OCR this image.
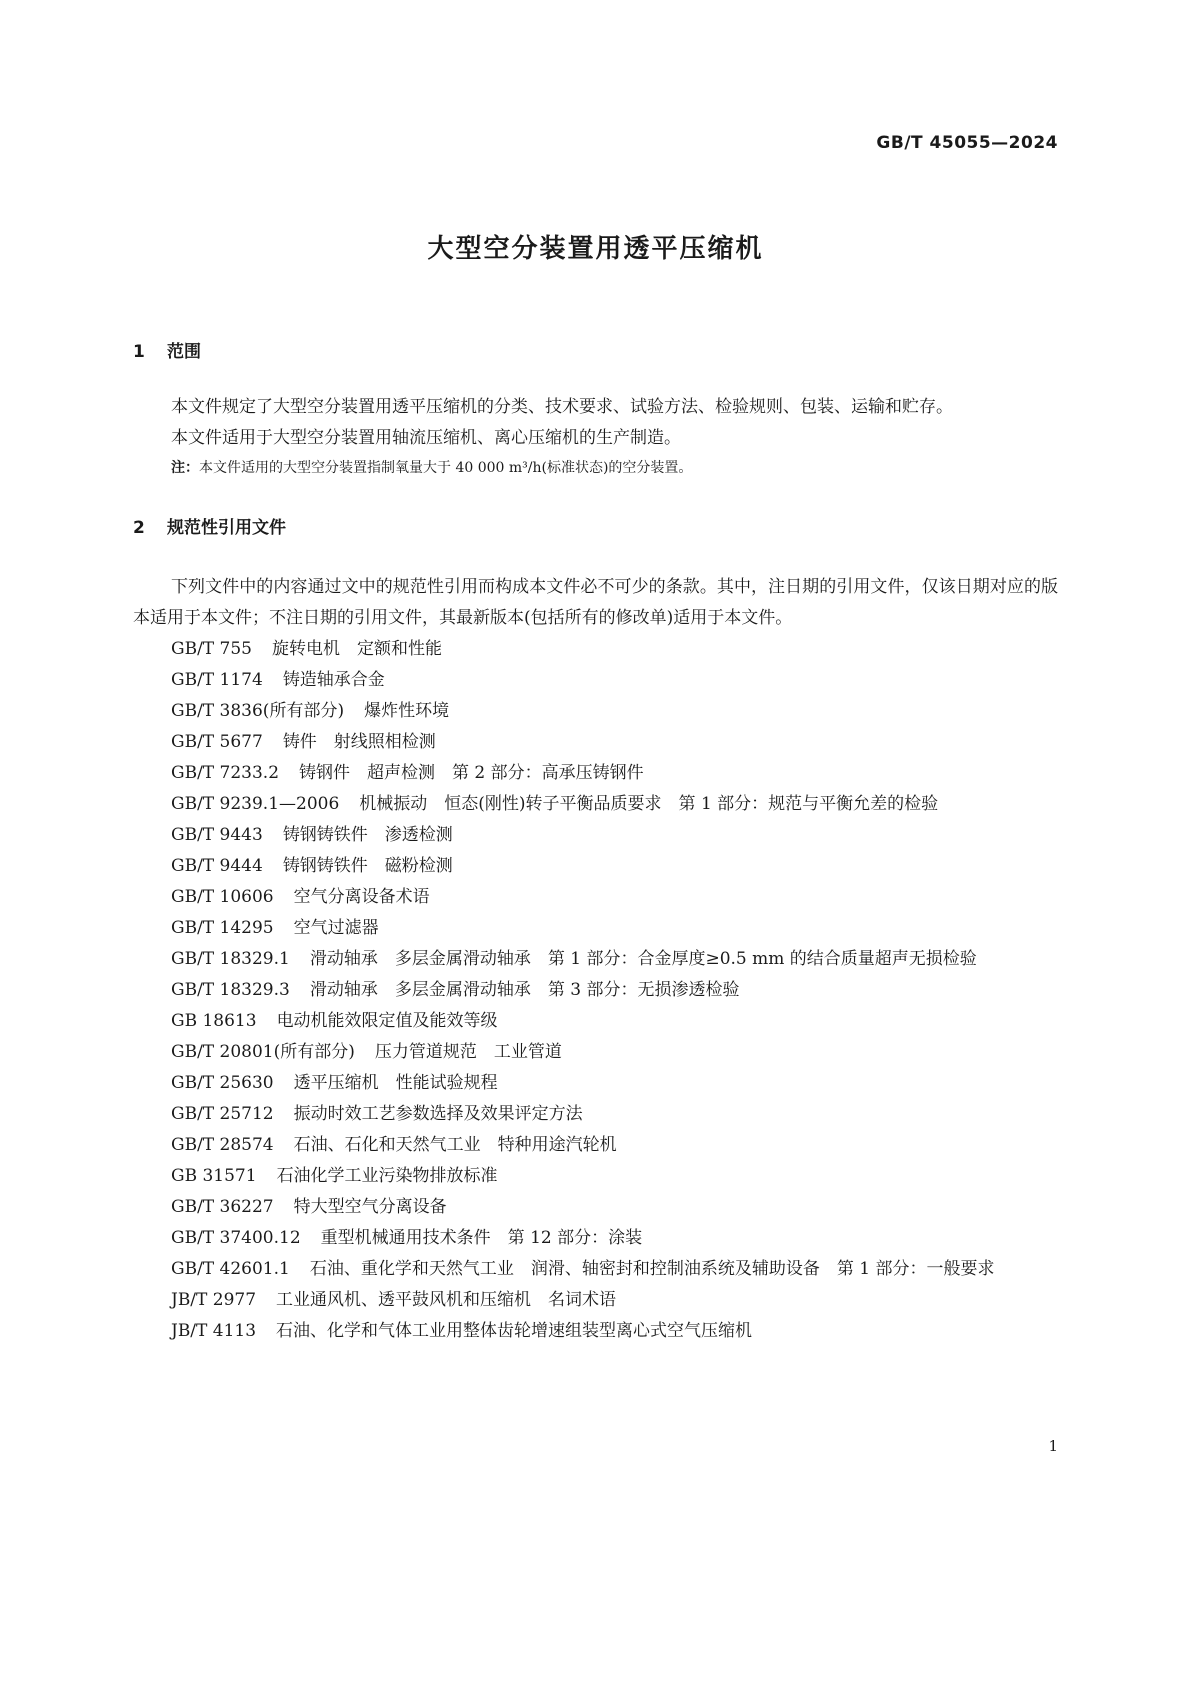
GB/T 45055—2024
大型空分装置用透平压缩机
1 范围

本文件规定了大型空分装置用透平压缩机的分类、技术要求、试验方法、检验规则、包装、运输和贮存。

本文件适用于大型空分装置用轴流压缩机、离心压缩机的生产制造。

注：本文件适用的大型空分装置指制氧量大于 40 000 m³/h(标准状态)的空分装置。

2 规范性引用文件

下列文件中的内容通过文中的规范性引用而构成本文件必不可少的条款。其中，注日期的引用文件，仅该日期对应的版本适用于本文件；不注日期的引用文件，其最新版本(包括所有的修改单)适用于本文件。

GB/T 755 旋转电机　定额和性能
GB/T 1174 铸造轴承合金
GB/T 3836(所有部分) 爆炸性环境
GB/T 5677 铸件　射线照相检测
GB/T 7233.2 铸钢件　超声检测　第 2 部分：高承压铸钢件
GB/T 9239.1—2006 机械振动　恒态(刚性)转子平衡品质要求　第 1 部分：规范与平衡允差的检验
GB/T 9443 铸钢铸铁件　渗透检测
GB/T 9444 铸钢铸铁件　磁粉检测
GB/T 10606 空气分离设备术语
GB/T 14295 空气过滤器
GB/T 18329.1 滑动轴承　多层金属滑动轴承　第 1 部分：合金厚度≥0.5 mm 的结合质量超声无损检验
GB/T 18329.3 滑动轴承　多层金属滑动轴承　第 3 部分：无损渗透检验
GB 18613 电动机能效限定值及能效等级
GB/T 20801(所有部分) 压力管道规范　工业管道
GB/T 25630 透平压缩机　性能试验规程
GB/T 25712 振动时效工艺参数选择及效果评定方法
GB/T 28574 石油、石化和天然气工业　特种用途汽轮机
GB 31571 石油化学工业污染物排放标准
GB/T 36227 特大型空气分离设备
GB/T 37400.12 重型机械通用技术条件　第 12 部分：涂装
GB/T 42601.1 石油、重化学和天然气工业　润滑、轴密封和控制油系统及辅助设备　第 1 部分：一般要求
JB/T 2977 工业通风机、透平鼓风机和压缩机　名词术语
JB/T 4113 石油、化学和气体工业用整体齿轮增速组装型离心式空气压缩机
1
